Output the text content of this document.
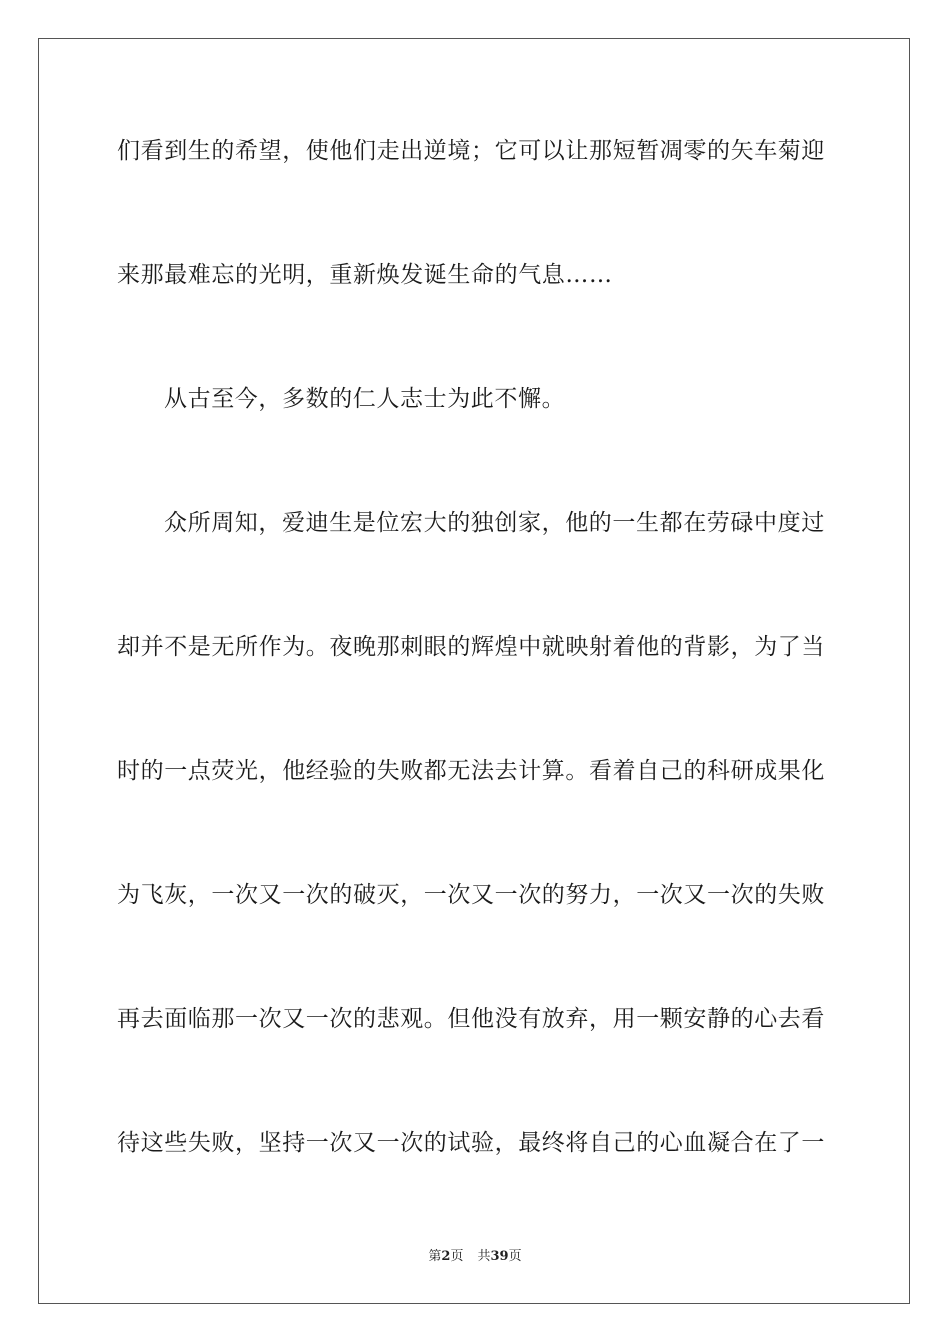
们看到生的希望，使他们走出逆境；它可以让那短暂凋零的矢车菊迎
来那最难忘的光明，重新焕发诞生命的气息……
从古至今，多数的仁人志士为此不懈。
众所周知，爱迪生是位宏大的独创家，他的一生都在劳碌中度过
却并不是无所作为。夜晚那刺眼的辉煌中就映射着他的背影，为了当
时的一点荧光，他经验的失败都无法去计算。看着自己的科研成果化
为飞灰，一次又一次的破灭，一次又一次的努力，一次又一次的失败
再去面临那一次又一次的悲观。但他没有放弃，用一颗安静的心去看
待这些失败，坚持一次又一次的试验，最终将自己的心血凝合在了一
第2页 共39页
